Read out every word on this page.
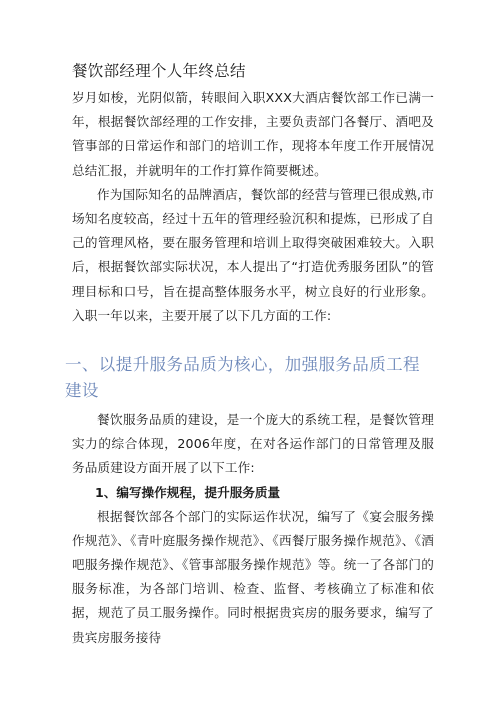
餐饮部经理个人年终总结

岁月如梭，光阴似箭，转眼间入职XXX大酒店餐饮部工作已满一年，根据餐饮部经理的工作安排，主要负责部门各餐厅、酒吧及管事部的日常运作和部门的培训工作，现将本年度工作开展情况总结汇报，并就明年的工作打算作简要概述。

作为国际知名的品牌酒店，餐饮部的经营与管理已很成熟,市场知名度较高，经过十五年的管理经验沉积和提炼，已形成了自己的管理风格，要在服务管理和培训上取得突破困难较大。入职后，根据餐饮部实际状况，本人提出了“打造优秀服务团队”的管理目标和口号，旨在提高整体服务水平，树立良好的行业形象。入职一年以来，主要开展了以下几方面的工作:

一、以提升服务品质为核心，加强服务品质工程建设

餐饮服务品质的建设，是一个庞大的系统工程，是餐饮管理实力的综合体现，2006年度，在对各运作部门的日常管理及服务品质建设方面开展了以下工作:

1、编写操作规程，提升服务质量

根据餐饮部各个部门的实际运作状况，编写了《宴会服务操作规范》、《青叶庭服务操作规范》、《西餐厅服务操作规范》、《酒吧服务操作规范》、《管事部服务操作规范》等。统一了各部门的服务标准，为各部门培训、检查、监督、考核确立了标准和依据，规范了员工服务操作。同时根据贵宾房的服务要求，编写了贵宾房服务接待
